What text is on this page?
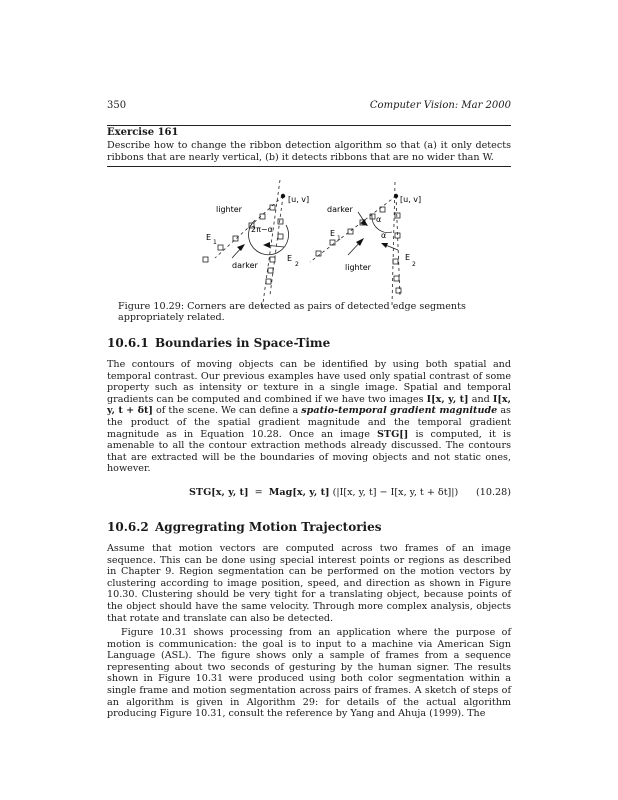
350	Computer Vision: Mar 2000
Exercise 161
Describe how to change the ribbon detection algorithm so that (a) it only detects ribbons that are nearly vertical, (b) it detects ribbons that are no wider than W.
[u, v]
lighter
2π−α
E
1
darker
E
2
[u, v]
darker
α
α
E
1
lighter
E
2
Figure 10.29: Corners are detected as pairs of detected edge segments appropriately related.
10.6.1 Boundaries in Space-Time
The contours of moving objects can be identified by using both spatial and temporal contrast. Our previous examples have used only spatial contrast of some property such as intensity or texture in a single image. Spatial and temporal gradients can be computed and combined if we have two images I[x, y, t] and I[x, y, t + δt] of the scene. We can define a spatio-temporal gradient magnitude as the product of the spatial gradient magnitude and the temporal gradient magnitude as in Equation 10.28. Once an image STG[] is computed, it is amenable to all the contour extraction methods already discussed. The contours that are extracted will be the boundaries of moving objects and not static ones, however.
STG[x, y, t] = Mag[x, y, t] (|I[x, y, t] − I[x, y, t + δt]|) (10.28)
10.6.2 Aggregrating Motion Trajectories
Assume that motion vectors are computed across two frames of an image sequence. This can be done using special interest points or regions as described in Chapter 9. Region segmentation can be performed on the motion vectors by clustering according to image position, speed, and direction as shown in Figure 10.30. Clustering should be very tight for a translating object, because points of the object should have the same velocity. Through more complex analysis, objects that rotate and translate can also be detected.
Figure 10.31 shows processing from an application where the purpose of motion is communication: the goal is to input to a machine via American Sign Language (ASL). The figure shows only a sample of frames from a sequence representing about two seconds of gesturing by the human signer. The results shown in Figure 10.31 were produced using both color segmentation within a single frame and motion segmentation across pairs of frames. A sketch of steps of an algorithm is given in Algorithm 29: for details of the actual algorithm producing Figure 10.31, consult the reference by Yang and Ahuja (1999). The
